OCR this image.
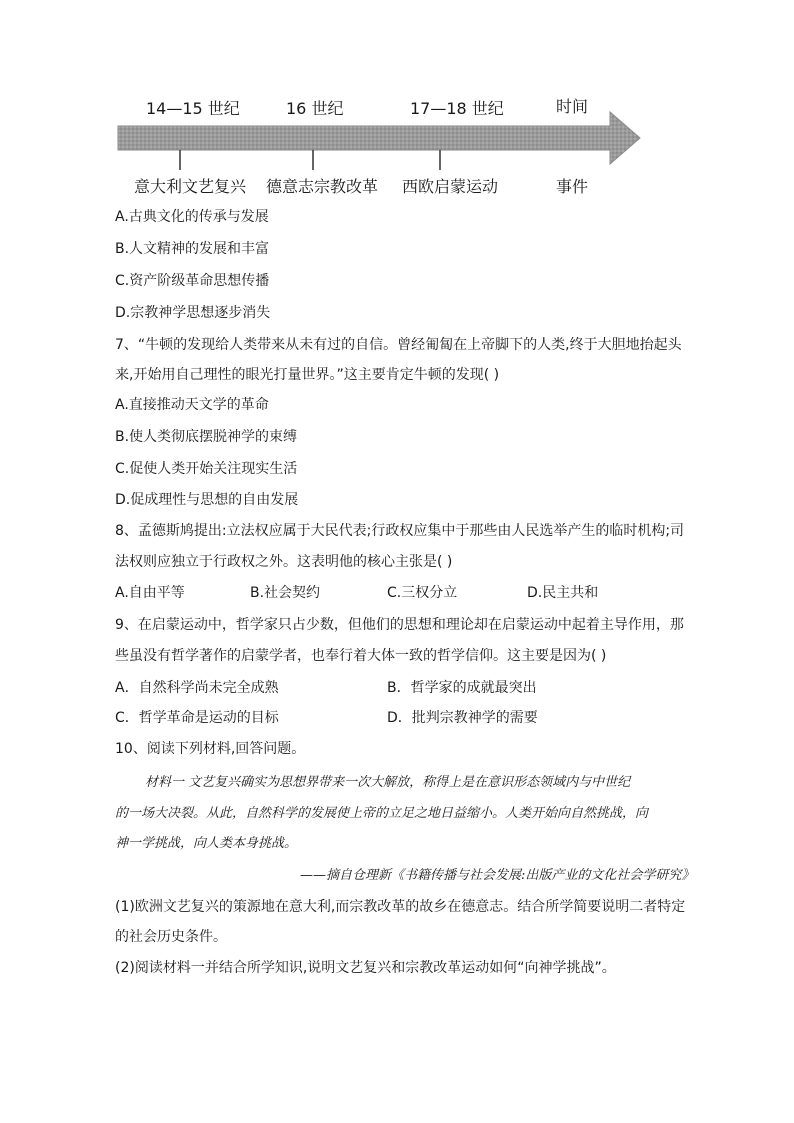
14—15 世纪	16 世纪	17—18 世纪	时间
意大利文艺复兴 德意志宗教改革 西欧启蒙运动	事件
A.古典文化的传承与发展
B.人文精神的发展和丰富
C.资产阶级革命思想传播
D.宗教神学思想逐步消失
7、“牛顿的发现给人类带来从未有过的自信。曾经匍匐在上帝脚下的人类,终于大胆地抬起头
来,开始用自己理性的眼光打量世界。”这主要肯定牛顿的发现( )
A.直接推动天文学的革命
B.使人类彻底摆脱神学的束缚
C.促使人类开始关注现实生活
D.促成理性与思想的自由发展
8、孟德斯鸠提出:立法权应属于大民代表;行政权应集中于那些由人民选举产生的临时机构;司
法权则应独立于行政权之外。这表明他的核心主张是( )
A.自由平等	B.社会契约	C.三权分立	D.民主共和
9、在启蒙运动中，哲学家只占少数，但他们的思想和理论却在启蒙运动中起着主导作用，那
些虽没有哲学著作的启蒙学者，也奉行着大体一致的哲学信仰。这主要是因为( )
A．自然科学尚未完全成熟	B．哲学家的成就最突出
C．哲学革命是运动的目标	D．批判宗教神学的需要
10、阅读下列材料,回答问题。
材料一 文艺复兴确实为思想界带来一次大解放，称得上是在意识形态领域内与中世纪
的一场大决裂。从此，自然科学的发展使上帝的立足之地日益缩小。人类开始向自然挑战，向
神一学挑战，向人类本身挑战。
——摘自仓理新《书籍传播与社会发展:出版产业的文化社会学研究》
(1)欧洲文艺复兴的策源地在意大利,而宗教改革的故乡在德意志。结合所学简要说明二者特定
的社会历史条件。
(2)阅读材料一并结合所学知识,说明文艺复兴和宗教改革运动如何“向神学挑战”。
